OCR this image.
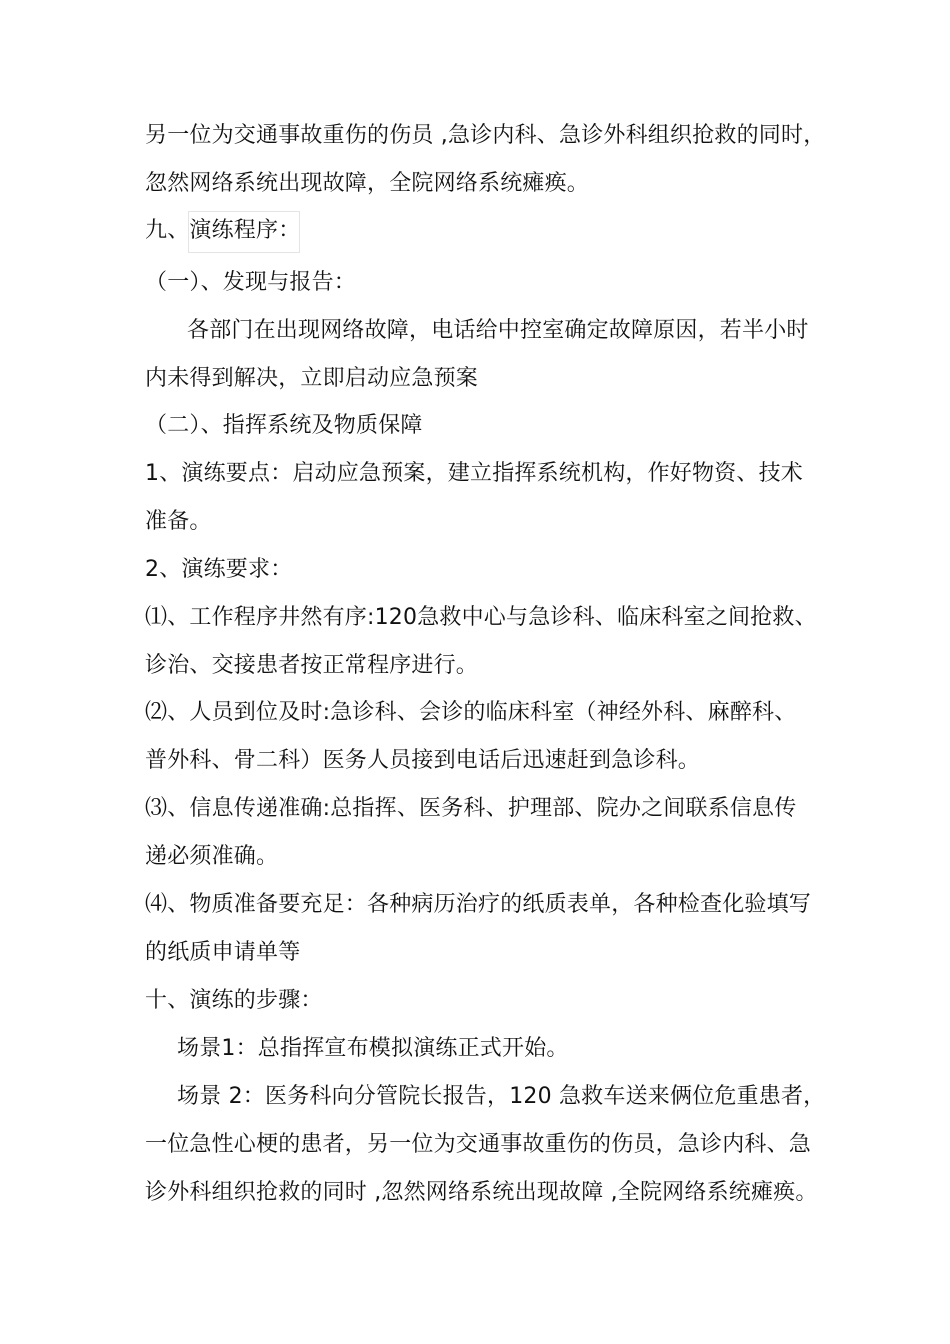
另一位为交通事故重伤的伤员 ,急诊内科、急诊外科组织抢救的同时，
忽然网络系统出现故障，全院网络系统瘫痪。
九、演练程序：
（一）、发现与报告：
各部门在出现网络故障，电话给中控室确定故障原因，若半小时
内未得到解决，立即启动应急预案
（二）、指挥系统及物质保障
1、演练要点：启动应急预案，建立指挥系统机构，作好物资、技术
准备。
2、演练要求：
⑴、工作程序井然有序:120急救中心与急诊科、临床科室之间抢救、
诊治、交接患者按正常程序进行。
⑵、人员到位及时:急诊科、会诊的临床科室（神经外科、麻醉科、
普外科、骨二科）医务人员接到电话后迅速赶到急诊科。
⑶、信息传递准确:总指挥、医务科、护理部、院办之间联系信息传
递必须准确。
⑷、物质准备要充足：各种病历治疗的纸质表单，各种检查化验填写
的纸质申请单等
十、演练的步骤：
场景1：总指挥宣布模拟演练正式开始。
场景 2：医务科向分管院长报告，120 急救车送来俩位危重患者，
一位急性心梗的患者，另一位为交通事故重伤的伤员，急诊内科、急
诊外科组织抢救的同时 ,忽然网络系统出现故障 ,全院网络系统瘫痪。
